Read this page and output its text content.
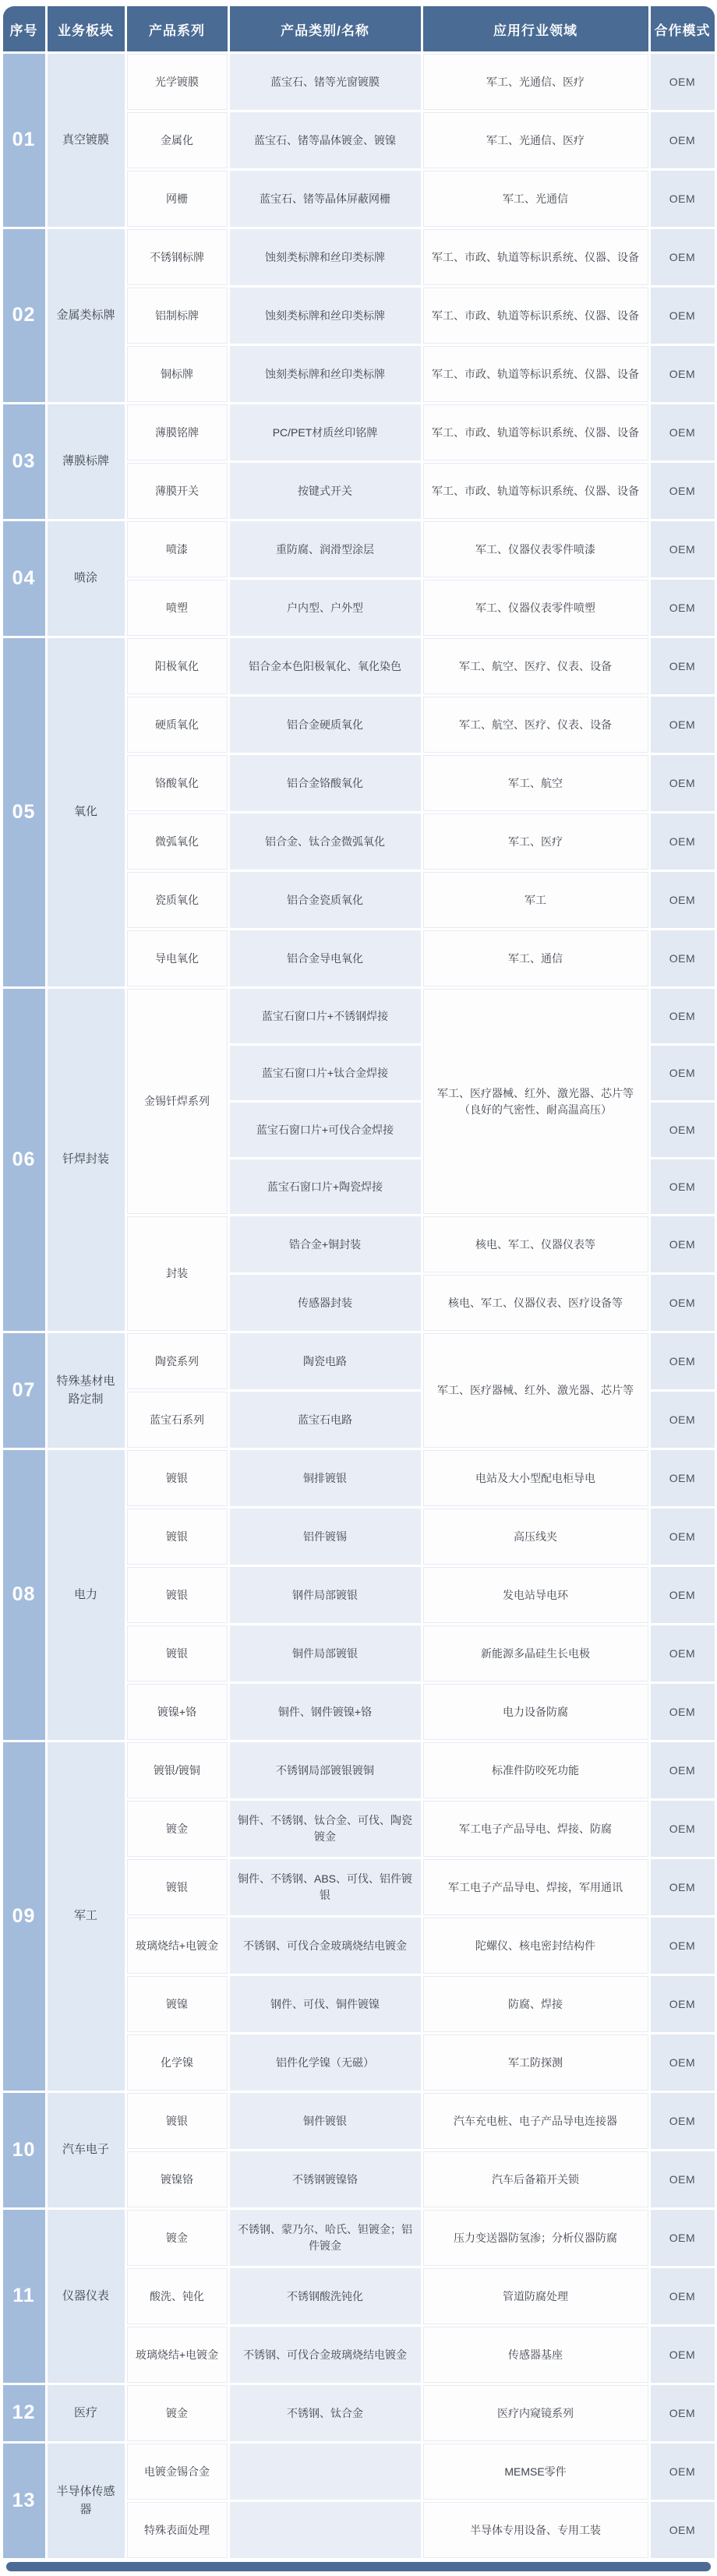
序号	业务板块	产品系列	产品类别/名称	应用行业领域	合作模式
01	真空镀膜	光学镀膜	蓝宝石、锗等光窗镀膜	军工、光通信、医疗	OEM
		金属化	蓝宝石、锗等晶体镀金、镀镍	军工、光通信、医疗	OEM
		网栅	蓝宝石、锗等晶体屏蔽网栅	军工、光通信	OEM
02	金属类标牌	不锈钢标牌	蚀刻类标牌和丝印类标牌	军工、市政、轨道等标识系统、仪器、设备	OEM
		铝制标牌	蚀刻类标牌和丝印类标牌	军工、市政、轨道等标识系统、仪器、设备	OEM
		铜标牌	蚀刻类标牌和丝印类标牌	军工、市政、轨道等标识系统、仪器、设备	OEM
03	薄膜标牌	薄膜铭牌	PC/PET材质丝印铭牌	军工、市政、轨道等标识系统、仪器、设备	OEM
		薄膜开关	按键式开关	军工、市政、轨道等标识系统、仪器、设备	OEM
04	喷涂	喷漆	重防腐、润滑型涂层	军工、仪器仪表零件喷漆	OEM
		喷塑	户内型、户外型	军工、仪器仪表零件喷塑	OEM
05	氧化	阳极氧化	铝合金本色阳极氧化、氧化染色	军工、航空、医疗、仪表、设备	OEM
		硬质氧化	铝合金硬质氧化	军工、航空、医疗、仪表、设备	OEM
		铬酸氧化	铝合金铬酸氧化	军工、航空	OEM
		微弧氧化	铝合金、钛合金微弧氧化	军工、医疗	OEM
		瓷质氧化	铝合金瓷质氧化	军工	OEM
		导电氧化	铝合金导电氧化	军工、通信	OEM
06	钎焊封装	金锡钎焊系列	蓝宝石窗口片+不锈钢焊接	军工、医疗器械、红外、激光器、芯片等（良好的气密性、耐高温高压）	OEM
			蓝宝石窗口片+钛合金焊接		OEM
			蓝宝石窗口片+可伐合金焊接		OEM
			蓝宝石窗口片+陶瓷焊接		OEM
		封装	锆合金+铜封装	核电、军工、仪器仪表等	OEM
			传感器封装	核电、军工、仪器仪表、医疗设备等	OEM
07	特殊基材电路定制	陶瓷系列	陶瓷电路	军工、医疗器械、红外、激光器、芯片等	OEM
		蓝宝石系列	蓝宝石电路		OEM
08	电力	镀银	铜排镀银	电站及大小型配电柜导电	OEM
		镀银	铝件镀锡	高压线夹	OEM
		镀银	钢件局部镀银	发电站导电环	OEM
		镀银	铜件局部镀银	新能源多晶硅生长电极	OEM
		镀镍+铬	铜件、钢件镀镍+铬	电力设备防腐	OEM
09	军工	镀银/镀铜	不锈钢局部镀银镀铜	标准件防咬死功能	OEM
		镀金	铜件、不锈钢、钛合金、可伐、陶瓷镀金	军工电子产品导电、焊接、防腐	OEM
		镀银	铜件、不锈钢、ABS、可伐、铝件镀银	军工电子产品导电、焊接，军用通讯	OEM
		玻璃烧结+电镀金	不锈钢、可伐合金玻璃烧结电镀金	陀螺仪、核电密封结构件	OEM
		镀镍	钢件、可伐、铜件镀镍	防腐、焊接	OEM
		化学镍	铝件化学镍（无磁）	军工防探测	OEM
10	汽车电子	镀银	铜件镀银	汽车充电桩、电子产品导电连接器	OEM
		镀镍铬	不锈钢镀镍铬	汽车后备箱开关锁	OEM
11	仪器仪表	镀金	不锈钢、蒙乃尔、哈氏、钽镀金；铝件镀金	压力变送器防氢渗；分析仪器防腐	OEM
		酸洗、钝化	不锈钢酸洗钝化	管道防腐处理	OEM
		玻璃烧结+电镀金	不锈钢、可伐合金玻璃烧结电镀金	传感器基座	OEM
12	医疗	镀金	不锈钢、钛合金	医疗内窥镜系列	OEM
13	半导体传感器	电镀金锡合金		MEMSE零件	OEM
		特殊表面处理		半导体专用设备、专用工装	OEM
